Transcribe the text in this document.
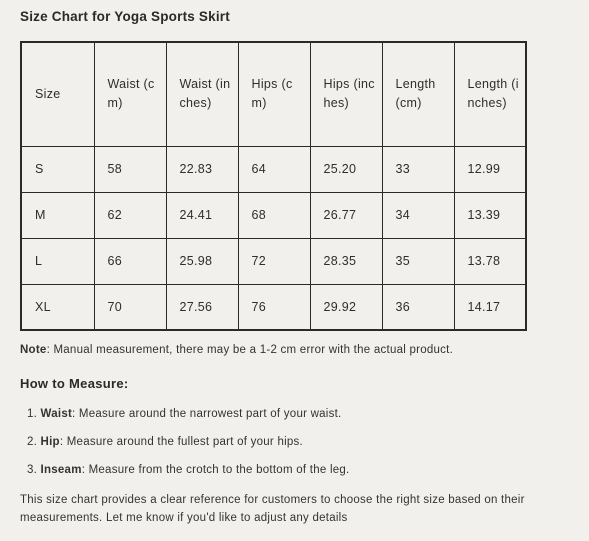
Size Chart for Yoga Sports Skirt
Size	Waist (cm)	Waist (inches)	Hips (cm)	Hips (inches)	Length (cm)	Length (inches)

S	58	22.83	64	25.20	33	12.99
M	62	24.41	68	26.77	34	13.39
L	66	25.98	72	28.35	35	13.78
XL	70	27.56	76	29.92	36	14.17
Note: Manual measurement, there may be a 1-2 cm error with the actual product.
How to Measure:
1. Waist: Measure around the narrowest part of your waist.
2. Hip: Measure around the fullest part of your hips.
3. Inseam: Measure from the crotch to the bottom of the leg.
This size chart provides a clear reference for customers to choose the right size based on their measurements. Let me know if you'd like to adjust any details
